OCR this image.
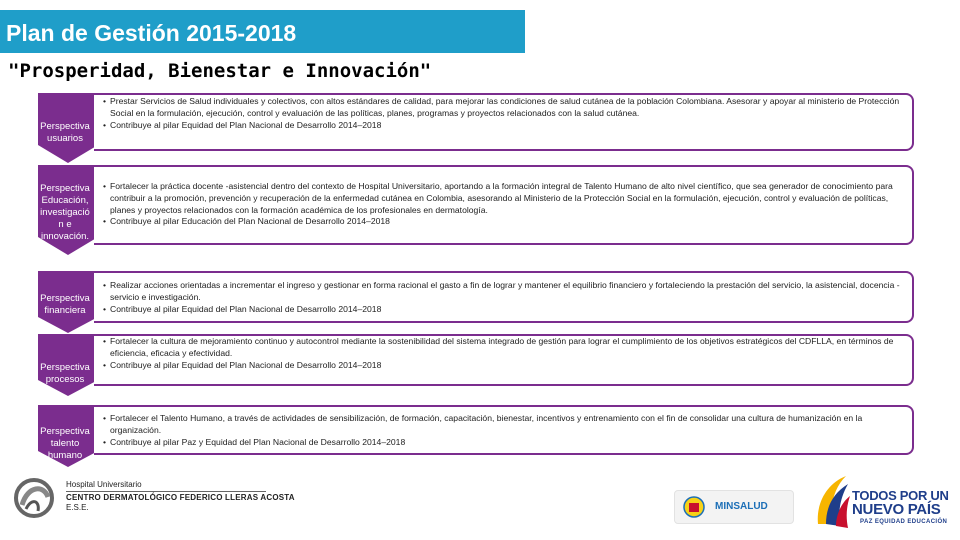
Plan de Gestión 2015-2018
"Prosperidad, Bienestar e Innovación"
Perspectiva
usuarios
• Prestar Servicios de Salud individuales y colectivos, con altos estándares de calidad, para mejorar las condiciones de salud cutánea de la población Colombiana. Asesorar y apoyar al ministerio de Protección Social en la formulación, ejecución, control y evaluación de las políticas, planes, programas y proyectos relacionados con la salud cutánea.
• Contribuye al pilar Equidad del Plan Nacional de Desarrollo 2014–2018
Perspectiva
Educación,
investigació
n e
innovación.
• Fortalecer la práctica docente -asistencial dentro del contexto de Hospital Universitario, aportando a la formación integral de Talento Humano de alto nivel científico, que sea generador de conocimiento para contribuir a la promoción, prevención y recuperación de la enfermedad cutánea en Colombia, asesorando al Ministerio de la Protección Social en la formulación, ejecución, control y evaluación de políticas, planes y proyectos relacionados con la formación académica de los profesionales en dermatología.
• Contribuye al pilar Educación del Plan Nacional de Desarrollo 2014–2018
Perspectiva
financiera
• Realizar acciones orientadas a incrementar el ingreso y gestionar en forma racional el gasto a fin de lograr y mantener el equilibrio financiero y fortaleciendo la prestación del servicio, la asistencial, docencia -servicio e investigación.
• Contribuye al pilar Equidad del Plan Nacional de Desarrollo 2014–2018
Perspectiva
procesos
• Fortalecer la cultura de mejoramiento continuo y autocontrol mediante la sostenibilidad del sistema integrado de gestión para lograr el cumplimiento de los objetivos estratégicos del CDFLLA, en términos de eficiencia, eficacia y efectividad.
• Contribuye al pilar Equidad del Plan Nacional de Desarrollo 2014–2018
Perspectiva
talento
humano
• Fortalecer el Talento Humano, a través de actividades de sensibilización, de formación, capacitación, bienestar, incentivos y entrenamiento con el fin de consolidar una cultura de humanización en la organización.
• Contribuye al pilar Paz y Equidad del Plan Nacional de Desarrollo 2014–2018
Hospital Universitario
CENTRO DERMATOLÓGICO FEDERICO LLERAS ACOSTA
E.S.E.	MINSALUD
TODOS POR UN
NUEVO PAÍS
PAZ EQUIDAD EDUCACIÓN
